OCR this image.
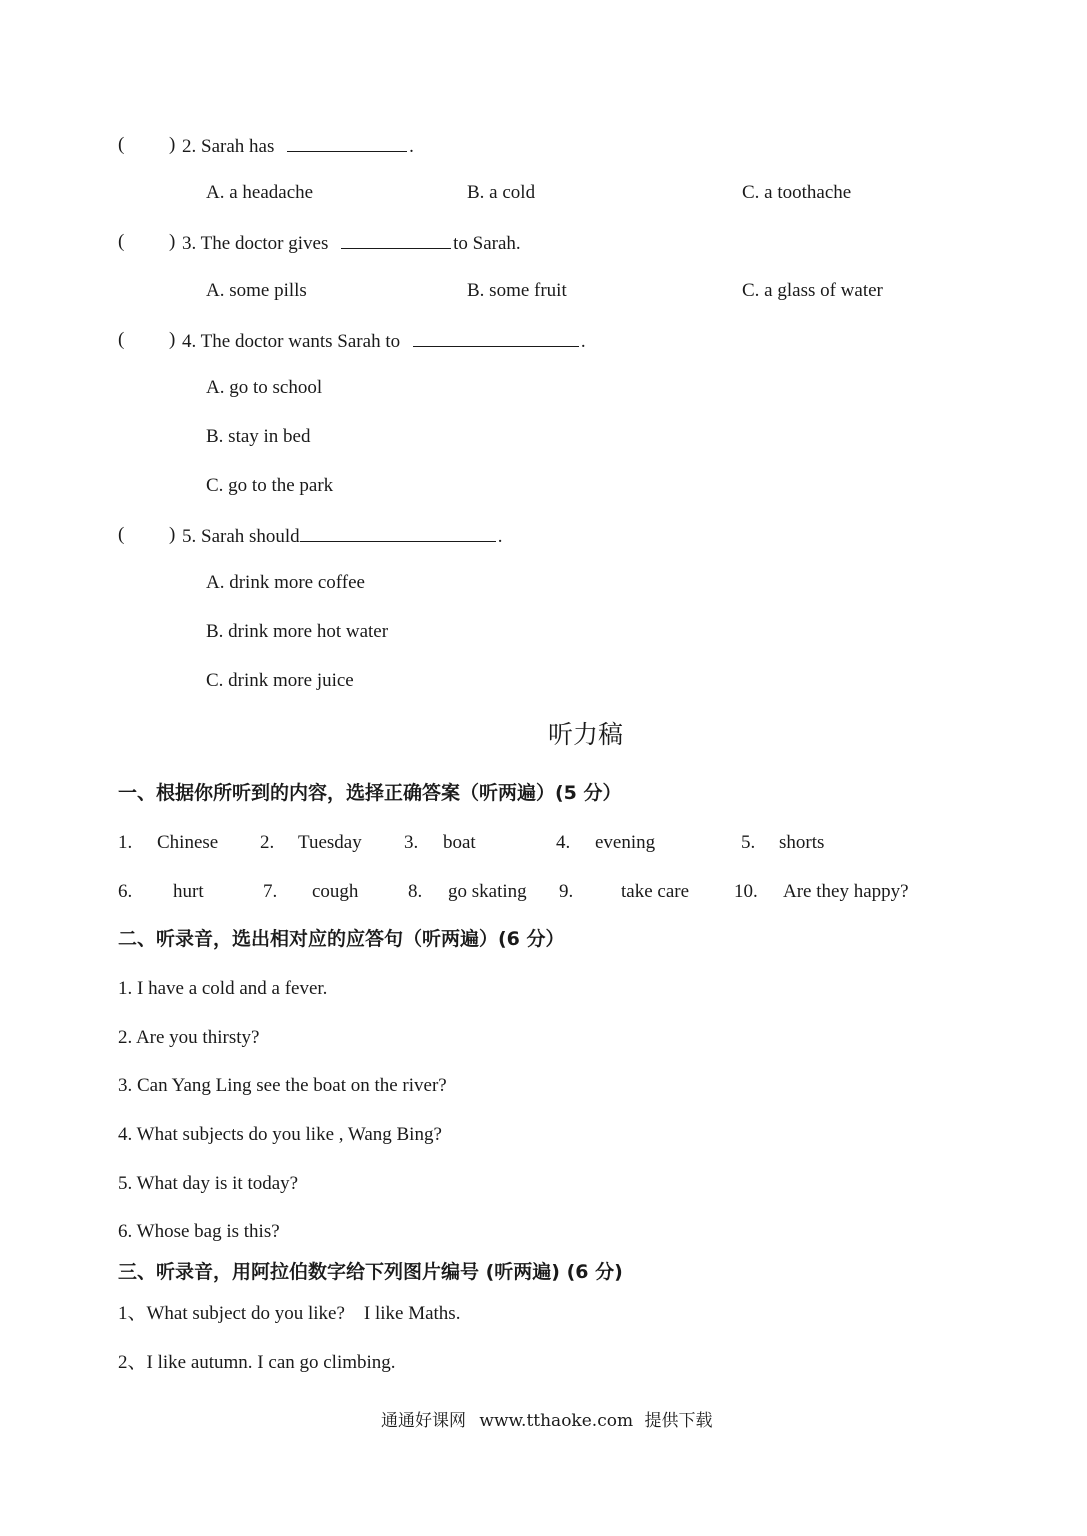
( ) 2. Sarah has	.
A. a headache	B. a cold	C. a toothache
( ) 3. The doctor gives	to Sarah.
A. some pills	B. some fruit	C. a glass of water
( ) 4. The doctor wants Sarah to	.
A. go to school
B. stay in bed
C. go to the park
( ) 5. Sarah should	.
A. drink more coffee
B. drink more hot water
C. drink more juice
听力稿
一、根据你所听到的内容，选择正确答案（听两遍）(5 分）
1. Chinese 2. Tuesday 3. boat	4. evening	5. shorts
6. hurt	7. cough	8. go skating 9.	take care 10. Are they happy?
二、听录音，选出相对应的应答句（听两遍）(6 分）
1. I have a cold and a fever.
2. Are you thirsty?
3. Can Yang Ling see the boat on the river?
4. What subjects do you like , Wang Bing?
5. What day is it today?
6. Whose bag is this?
三、听录音，用阿拉伯数字给下列图片编号 (听两遍) (6 分)
1、What subject do you like?    I like Maths.
2、I like autumn. I can go climbing.
通通好课网 www.tthaoke.com 提供下载
